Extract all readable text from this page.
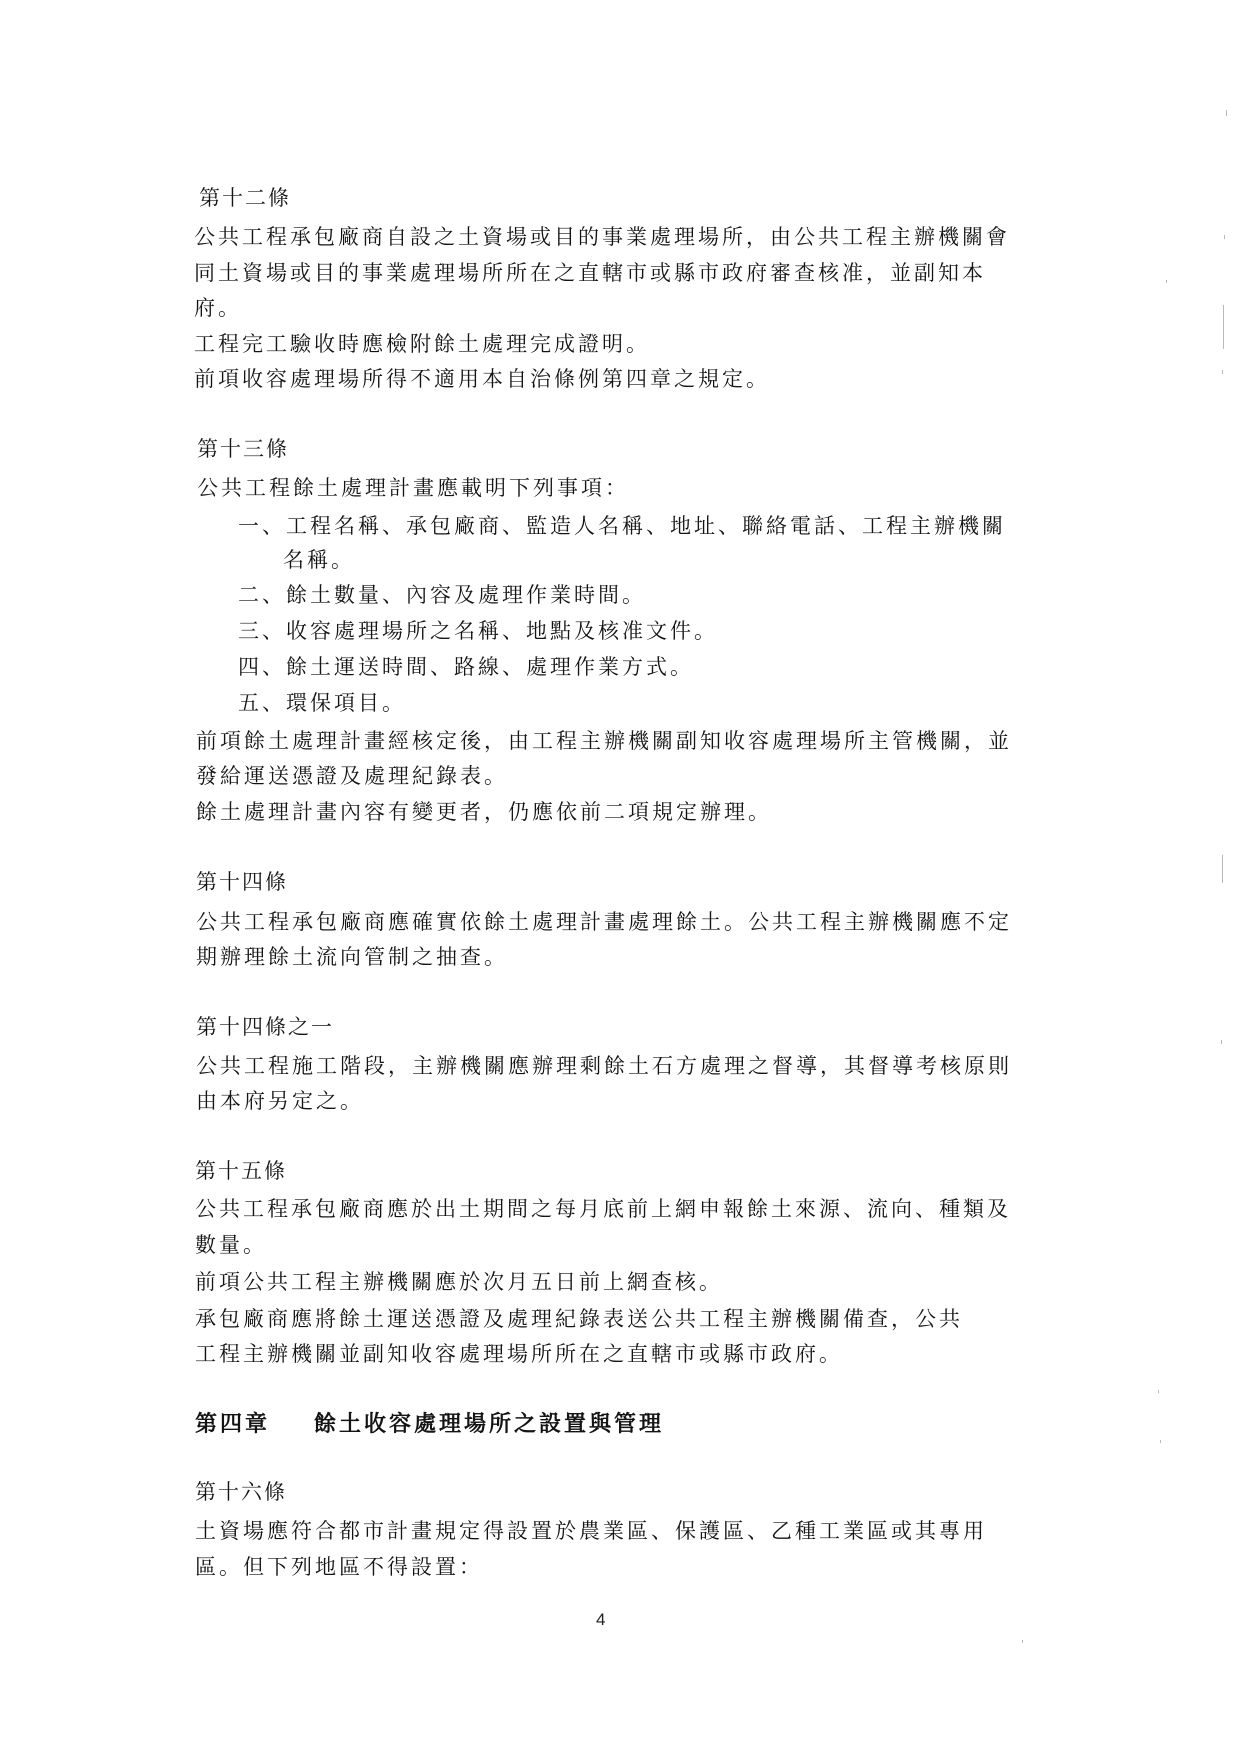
第十二條
公共工程承包廠商自設之土資場或目的事業處理場所，由公共工程主辦機關會
同土資場或目的事業處理場所所在之直轄市或縣市政府審查核准，並副知本
府。
工程完工驗收時應檢附餘土處理完成證明。
前項收容處理場所得不適用本自治條例第四章之規定。
第十三條
公共工程餘土處理計畫應載明下列事項：
一、工程名稱、承包廠商、監造人名稱、地址、聯絡電話、工程主辦機關
名稱。
二、餘土數量、內容及處理作業時間。
三、收容處理場所之名稱、地點及核准文件。
四、餘土運送時間、路線、處理作業方式。
五、環保項目。
前項餘土處理計畫經核定後，由工程主辦機關副知收容處理場所主管機關，並
發給運送憑證及處理紀錄表。
餘土處理計畫內容有變更者，仍應依前二項規定辦理。
第十四條
公共工程承包廠商應確實依餘土處理計畫處理餘土。公共工程主辦機關應不定
期辦理餘土流向管制之抽查。
第十四條之一
公共工程施工階段，主辦機關應辦理剩餘土石方處理之督導，其督導考核原則
由本府另定之。
第十五條
公共工程承包廠商應於出土期間之每月底前上網申報餘土來源、流向、種類及
數量。
前項公共工程主辦機關應於次月五日前上網查核。
承包廠商應將餘土運送憑證及處理紀錄表送公共工程主辦機關備查，公共
工程主辦機關並副知收容處理場所所在之直轄市或縣市政府。
第四章 餘土收容處理場所之設置與管理
第十六條
土資場應符合都市計畫規定得設置於農業區、保護區、乙種工業區或其專用
區。但下列地區不得設置：
4
